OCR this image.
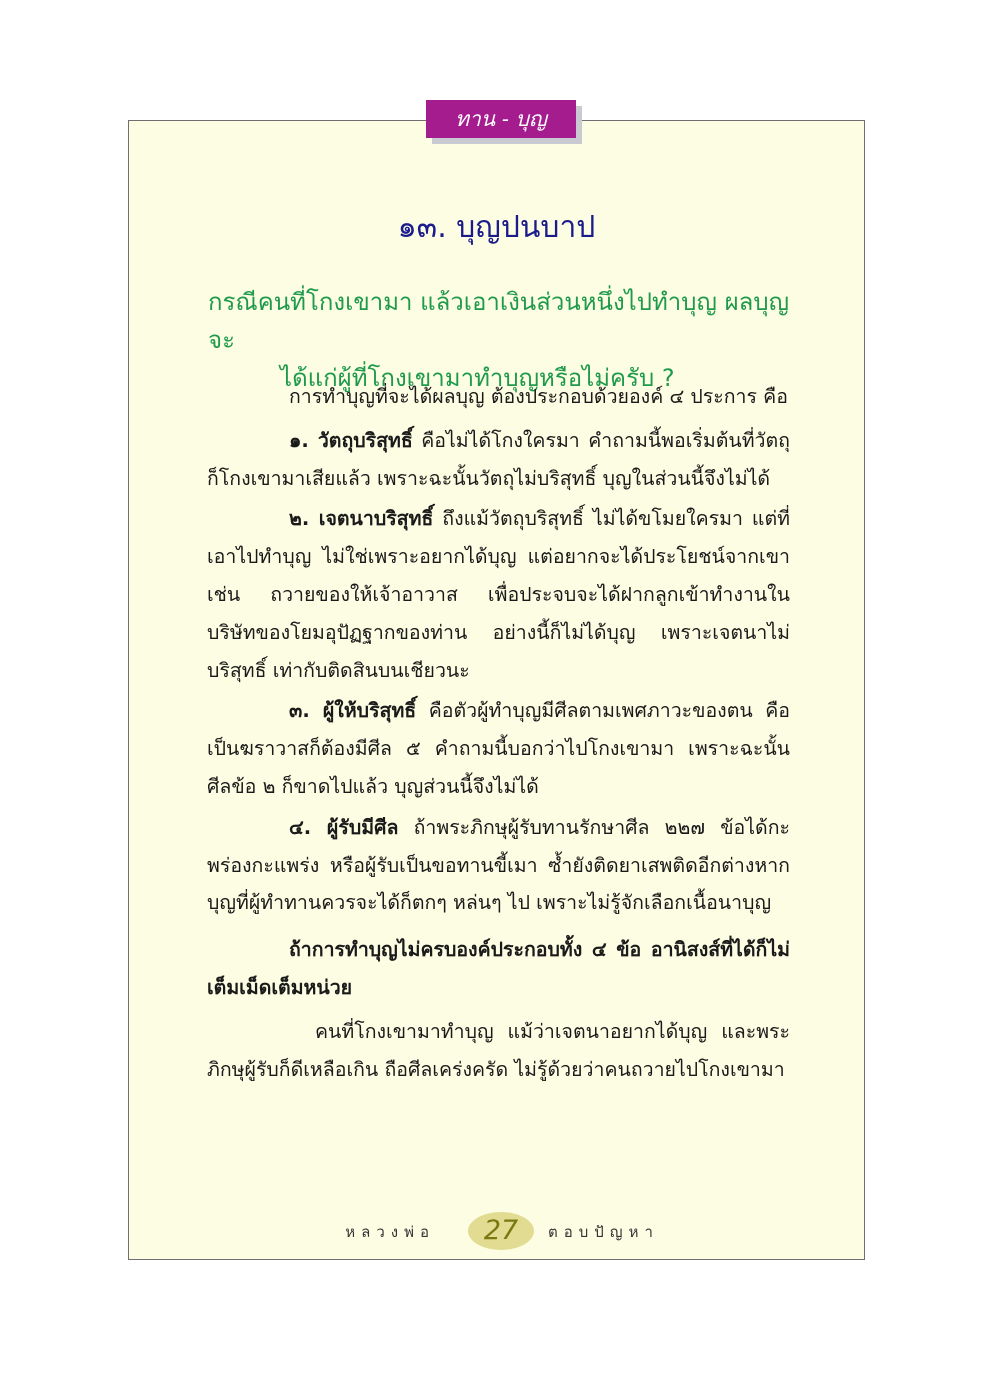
ทาน - บุญ
๑๓. บุญปนบาป
กรณีคนที่โกงเขามา แล้วเอาเงินส่วนหนึ่งไปทำบุญ ผลบุญจะ
ได้แก่ผู้ที่โกงเขามาทำบุญหรือไม่ครับ ?

การทำบุญที่จะได้ผลบุญ ต้องประกอบด้วยองค์ ๔ ประการ คือ

๑. วัตถุบริสุทธิ์ คือไม่ได้โกงใครมา คำถามนี้พอเริ่มต้นที่วัตถุก็โกงเขามาเสียแล้ว เพราะฉะนั้นวัตถุไม่บริสุทธิ์ บุญในส่วนนี้จึงไม่ได้

๒. เจตนาบริสุทธิ์ ถึงแม้วัตถุบริสุทธิ์ ไม่ได้ขโมยใครมา แต่ที่เอาไปทำบุญ ไม่ใช่เพราะอยากได้บุญ แต่อยากจะได้ประโยชน์จากเขา เช่น ถวายของให้เจ้าอาวาส เพื่อประจบจะได้ฝากลูกเข้าทำงานในบริษัทของโยมอุปัฏฐากของท่าน อย่างนี้ก็ไม่ได้บุญ เพราะเจตนาไม่บริสุทธิ์ เท่ากับติดสินบนเชียวนะ

๓. ผู้ให้บริสุทธิ์ คือตัวผู้ทำบุญมีศีลตามเพศภาวะของตน คือ เป็นฆราวาสก็ต้องมีศีล ๕ คำถามนี้บอกว่าไปโกงเขามา เพราะฉะนั้น ศีลข้อ ๒ ก็ขาดไปแล้ว บุญส่วนนี้จึงไม่ได้

๔. ผู้รับมีศีล ถ้าพระภิกษุผู้รับทานรักษาศีล ๒๒๗ ข้อได้กะพร่องกะแพร่ง หรือผู้รับเป็นขอทานขี้เมา ซ้ำยังติดยาเสพติดอีกต่างหาก บุญที่ผู้ทำทานควรจะได้ก็ตกๆ หล่นๆ ไป เพราะไม่รู้จักเลือกเนื้อนาบุญ

ถ้าการทำบุญไม่ครบองค์ประกอบทั้ง ๔ ข้อ อานิสงส์ที่ได้ก็ไม่เต็มเม็ดเต็มหน่วย

คนที่โกงเขามาทำบุญ แม้ว่าเจตนาอยากได้บุญ และพระภิกษุผู้รับก็ดีเหลือเกิน ถือศีลเคร่งครัด ไม่รู้ด้วยว่าคนถวายไปโกงเขามา

หลวงพ่อ	27	ตอบปัญหา
